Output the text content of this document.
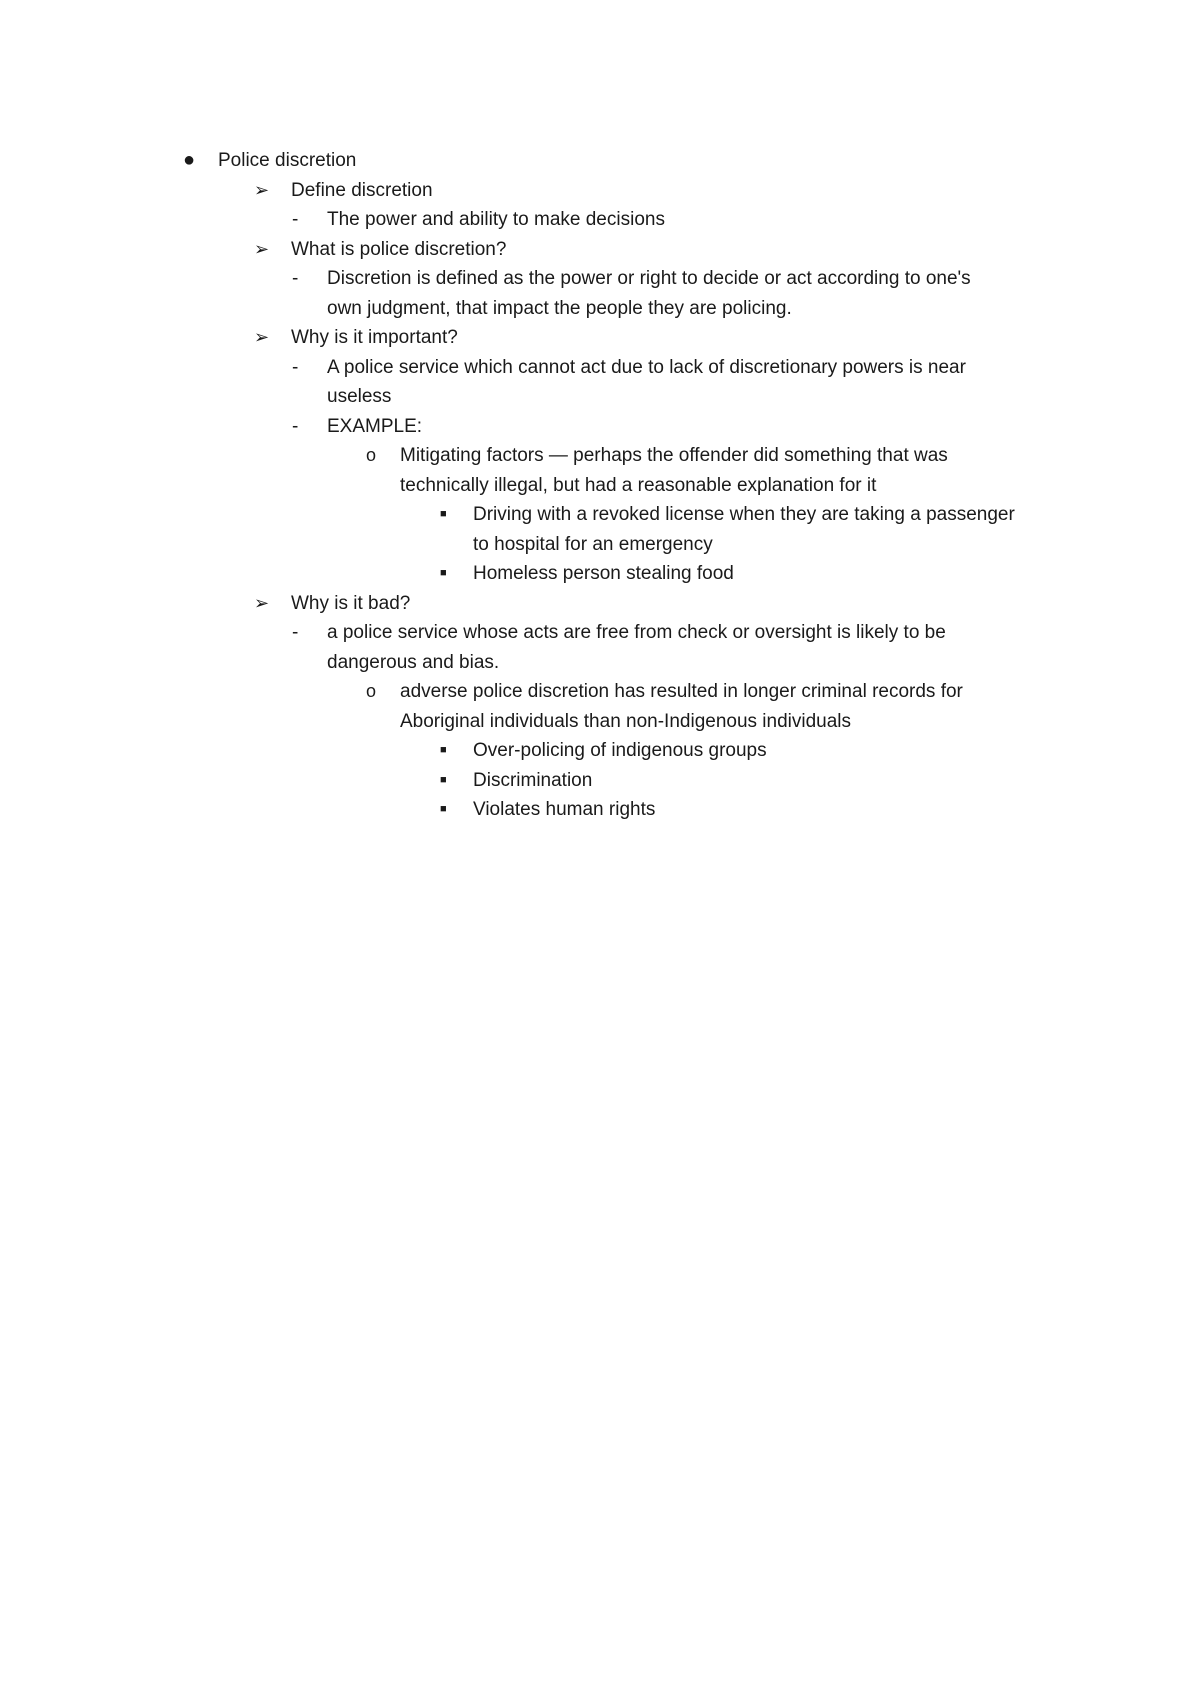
● Police discretion
➢ Define discretion
- The power and ability to make decisions
➢ What is police discretion?
- Discretion is defined as the power or right to decide or act according to one's
own judgment, that impact the people they are policing.
➢ Why is it important?
- A police service which cannot act due to lack of discretionary powers is near
useless
- EXAMPLE:
o Mitigating factors — perhaps the offender did something that was
technically illegal, but had a reasonable explanation for it
■ Driving with a revoked license when they are taking a passenger
to hospital for an emergency
■ Homeless person stealing food
➢ Why is it bad?
- a police service whose acts are free from check or oversight is likely to be
dangerous and bias.
o adverse police discretion has resulted in longer criminal records for
Aboriginal individuals than non-Indigenous individuals
■ Over-policing of indigenous groups
■ Discrimination
■ Violates human rights
